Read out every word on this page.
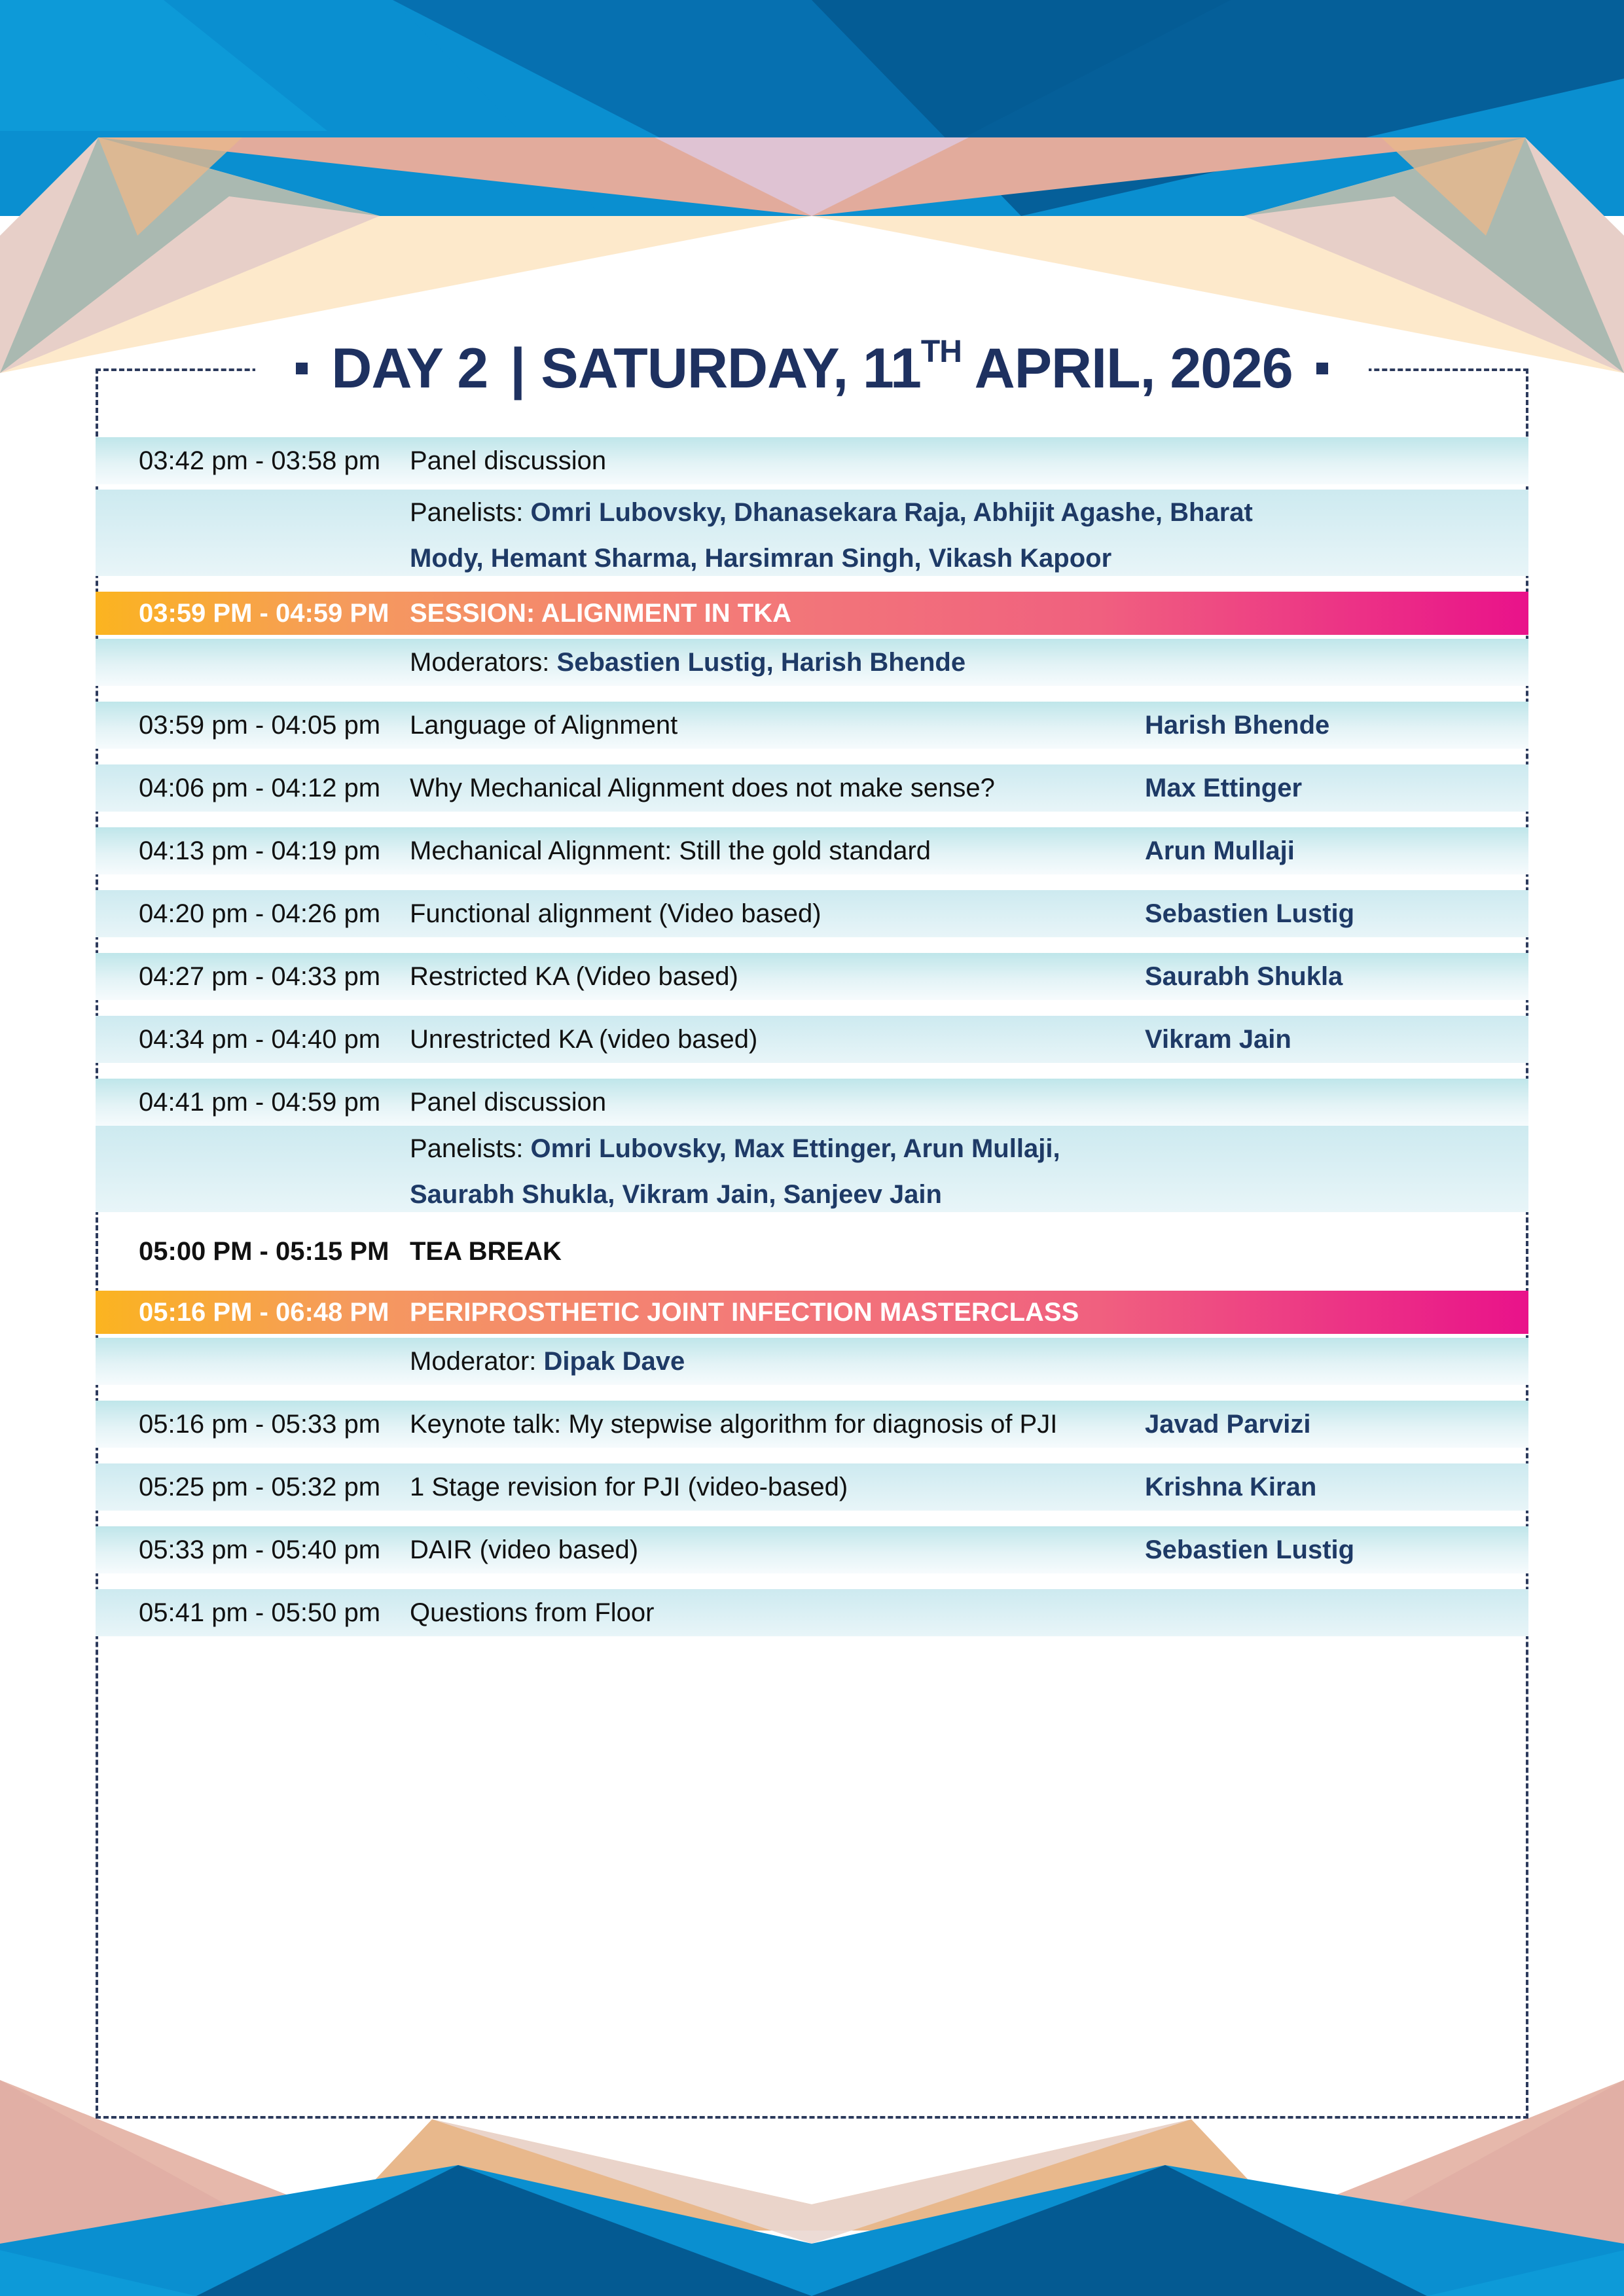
DAY 2 | SATURDAY, 11TH APRIL, 2026
03:42 pm - 03:58 pm Panel discussion
Panelists: Omri Lubovsky, Dhanasekara Raja, Abhijit Agashe, Bharat Mody, Hemant Sharma, Harsimran Singh, Vikash Kapoor
03:59 PM - 04:59 PM SESSION: ALIGNMENT IN TKA
Moderators: Sebastien Lustig, Harish Bhende
03:59 pm - 04:05 pm Language of Alignment	Harish Bhende
04:06 pm - 04:12 pm Why Mechanical Alignment does not make sense?	Max Ettinger
04:13 pm - 04:19 pm Mechanical Alignment: Still the gold standard	Arun Mullaji
04:20 pm - 04:26 pm Functional alignment (Video based)	Sebastien Lustig
04:27 pm - 04:33 pm Restricted KA (Video based)	Saurabh Shukla
04:34 pm - 04:40 pm Unrestricted KA (video based)	Vikram Jain
04:41 pm - 04:59 pm Panel discussion
Panelists: Omri Lubovsky, Max Ettinger, Arun Mullaji, Saurabh Shukla, Vikram Jain, Sanjeev Jain
05:00 PM - 05:15 PM TEA BREAK
05:16 PM - 06:48 PM PERIPROSTHETIC JOINT INFECTION MASTERCLASS
Moderator: Dipak Dave
05:16 pm - 05:33 pm Keynote talk: My stepwise algorithm for diagnosis of PJI	Javad Parvizi
05:25 pm - 05:32 pm 1 Stage revision for PJI (video-based)	Krishna Kiran
05:33 pm - 05:40 pm DAIR (video based)	Sebastien Lustig
05:41 pm - 05:50 pm Questions from Floor
